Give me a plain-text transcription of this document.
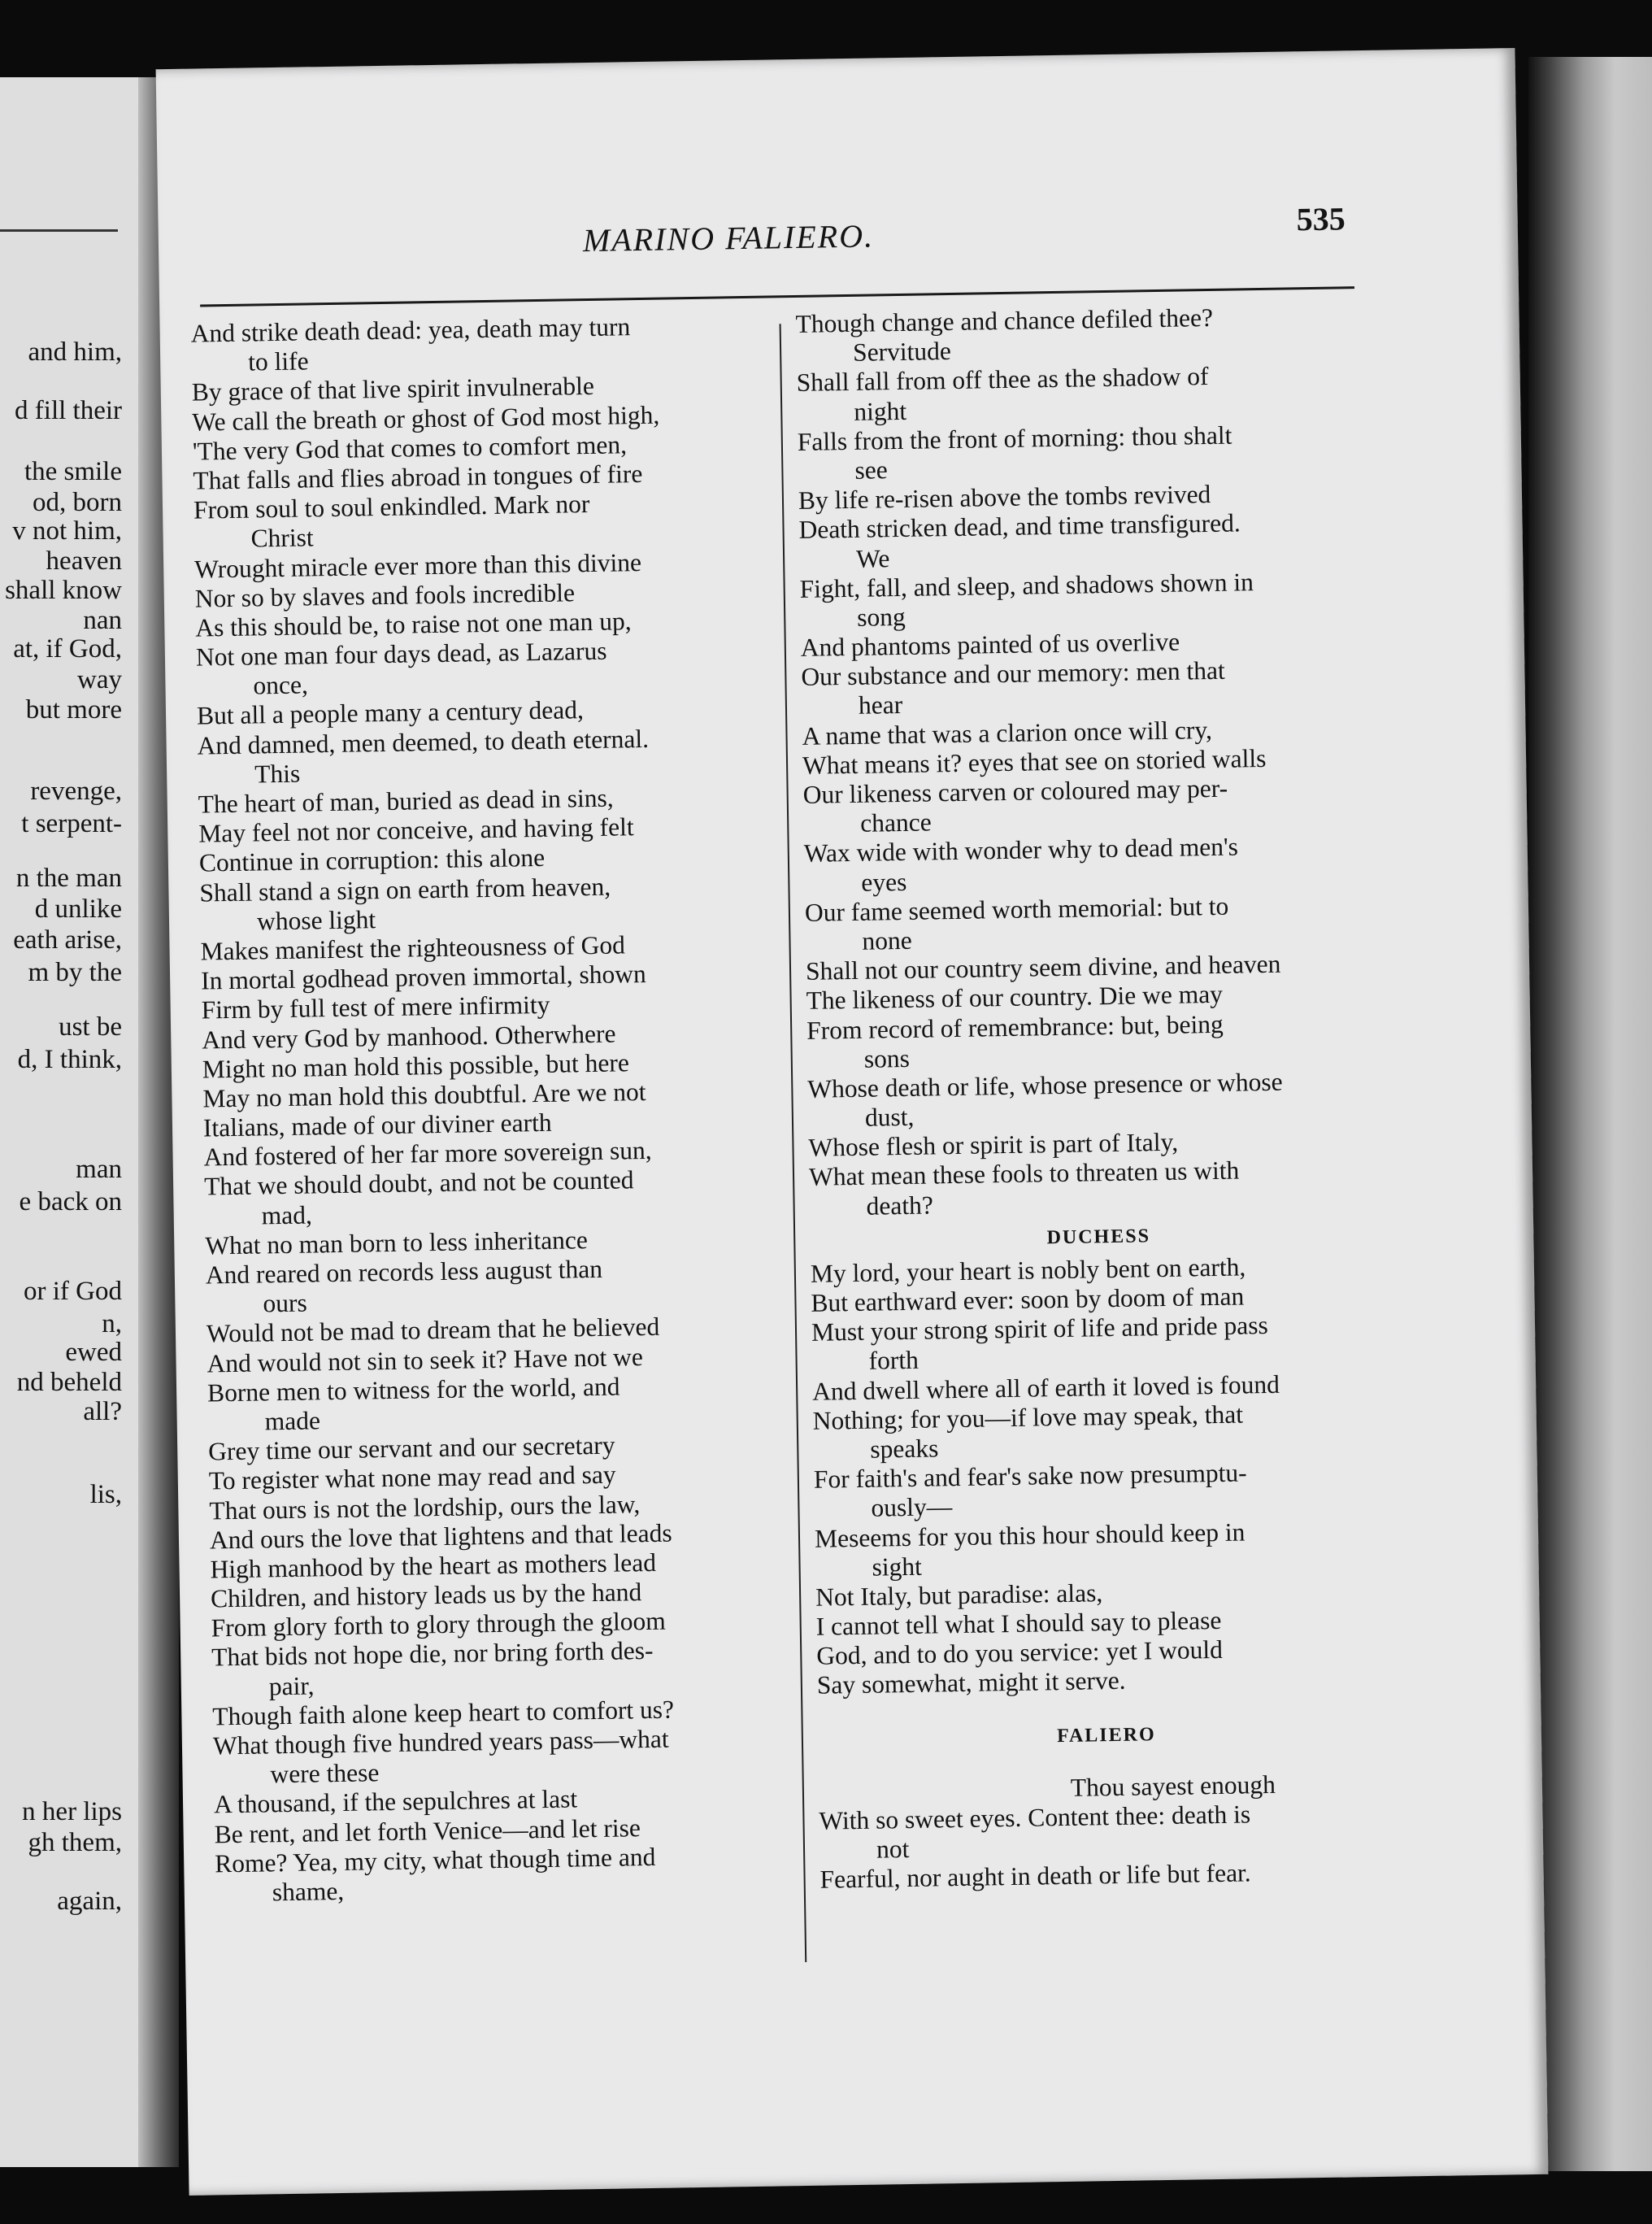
and him,
d fill their
the smile
od, born
v not him,
heaven
shall know
nan
at, if God,
way
but more
revenge,
t serpent-
n the man
d unlike
eath arise,
m by the
ust be
d, I think,
man
e back on
or if God
n,
ewed
nd beheld
all?
lis,
n her lips
gh them,
again,
MARINO FALIERO.	535
And strike death dead: yea, death may turn
to life
By grace of that live spirit invulnerable
We call the breath or ghost of God most high,
'The very God that comes to comfort men,
That falls and flies abroad in tongues of fire
From soul to soul enkindled. Mark nor
Christ
Wrought miracle ever more than this divine
Nor so by slaves and fools incredible
As this should be, to raise not one man up,
Not one man four days dead, as Lazarus
once,
But all a people many a century dead,
And damned, men deemed, to death eternal.
This
The heart of man, buried as dead in sins,
May feel not nor conceive, and having felt
Continue in corruption: this alone
Shall stand a sign on earth from heaven,
whose light
Makes manifest the righteousness of God
In mortal godhead proven immortal, shown
Firm by full test of mere infirmity
And very God by manhood. Otherwhere
Might no man hold this possible, but here
May no man hold this doubtful. Are we not
Italians, made of our diviner earth
And fostered of her far more sovereign sun,
That we should doubt, and not be counted
mad,
What no man born to less inheritance
And reared on records less august than
ours
Would not be mad to dream that he believed
And would not sin to seek it? Have not we
Borne men to witness for the world, and
made
Grey time our servant and our secretary
To register what none may read and say
That ours is not the lordship, ours the law,
And ours the love that lightens and that leads
High manhood by the heart as mothers lead
Children, and history leads us by the hand
From glory forth to glory through the gloom
That bids not hope die, nor bring forth des-
pair,
Though faith alone keep heart to comfort us?
What though five hundred years pass—what
were these
A thousand, if the sepulchres at last
Be rent, and let forth Venice—and let rise
Rome? Yea, my city, what though time and
shame,
Though change and chance defiled thee?
Servitude
Shall fall from off thee as the shadow of
night
Falls from the front of morning: thou shalt
see
By life re-risen above the tombs revived
Death stricken dead, and time transfigured.
We
Fight, fall, and sleep, and shadows shown in
song
And phantoms painted of us overlive
Our substance and our memory: men that
hear
A name that was a clarion once will cry,
What means it? eyes that see on storied walls
Our likeness carven or coloured may per-
chance
Wax wide with wonder why to dead men's
eyes
Our fame seemed worth memorial: but to
none
Shall not our country seem divine, and heaven
The likeness of our country. Die we may
From record of remembrance: but, being
sons
Whose death or life, whose presence or whose
dust,
Whose flesh or spirit is part of Italy,
What mean these fools to threaten us with
death?
DUCHESS
My lord, your heart is nobly bent on earth,
But earthward ever: soon by doom of man
Must your strong spirit of life and pride pass
forth
And dwell where all of earth it loved is found
Nothing; for you—if love may speak, that
speaks
For faith's and fear's sake now presumptu-
ously—
Meseems for you this hour should keep in
sight
Not Italy, but paradise: alas,
I cannot tell what I should say to please
God, and to do you service: yet I would
Say somewhat, might it serve.
FALIERO
Thou sayest enough
With so sweet eyes. Content thee: death is
not
Fearful, nor aught in death or life but fear.
